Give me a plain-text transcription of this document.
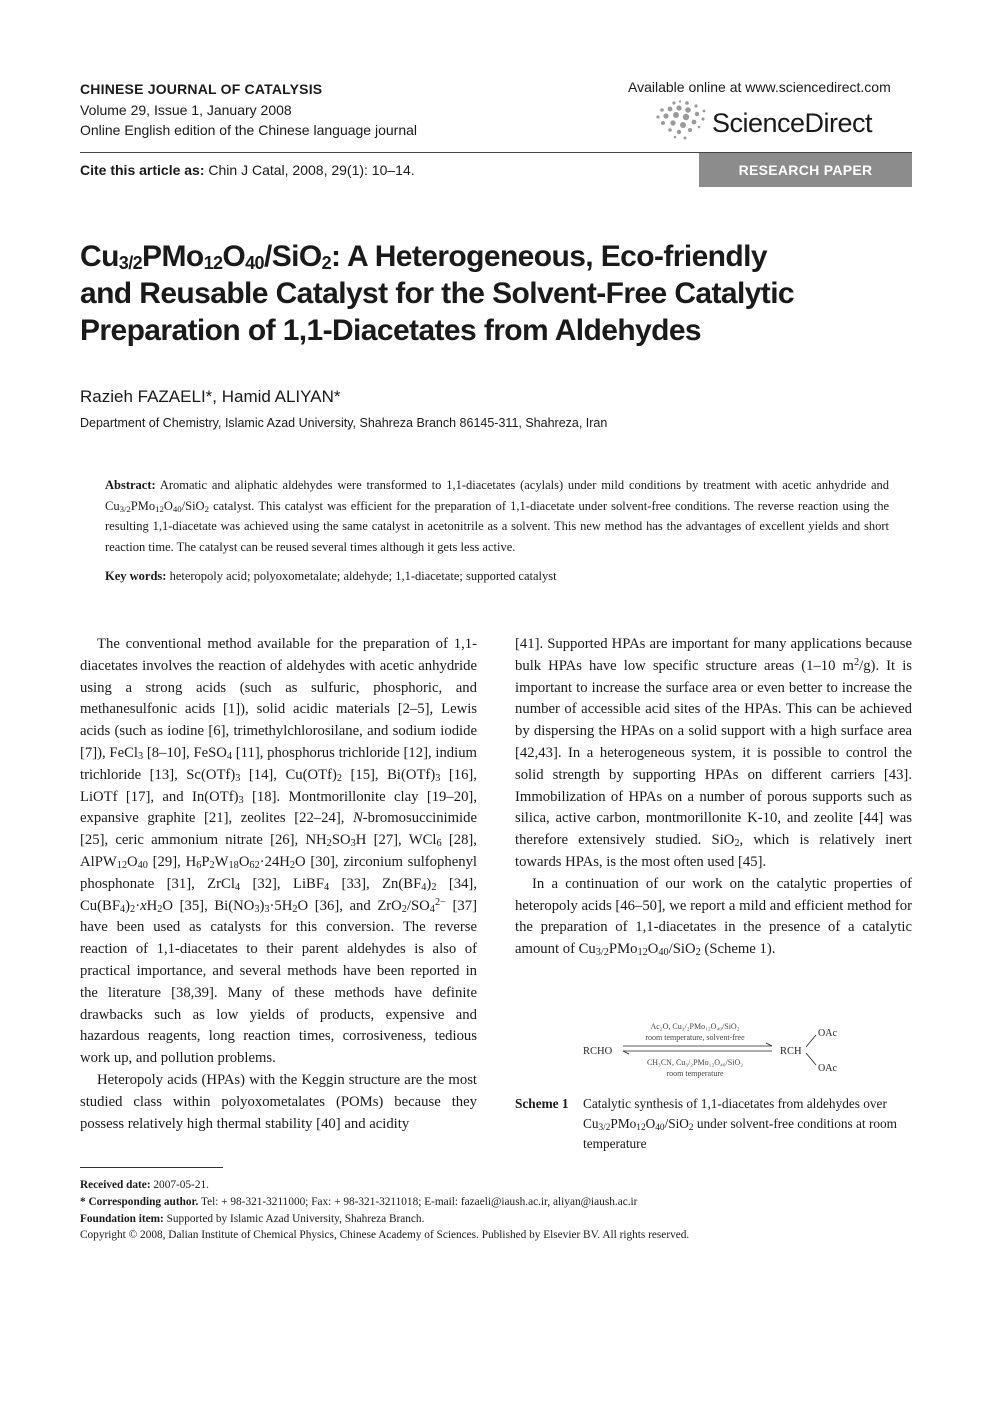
CHINESE JOURNAL OF CATALYSIS
Volume 29, Issue 1, January 2008
Online English edition of the Chinese language journal
Available online at www.sciencedirect.com
ScienceDirect
Cite this article as: Chin J Catal, 2008, 29(1): 10–14.	RESEARCH PAPER
$Cu_{3/2}PMo_{12}O_{40}/SiO_2$: A Heterogeneous, Eco-friendly
and Reusable Catalyst for the Solvent-Free Catalytic
Preparation of 1,1-Diacetates from Aldehydes
Razieh FAZAELI*, Hamid ALIYAN*
Department of Chemistry, Islamic Azad University, Shahreza Branch 86145-311, Shahreza, Iran
Abstract: Aromatic and aliphatic aldehydes were transformed to 1,1-diacetates (acylals) under mild conditions by treatment with acetic anhydride and $Cu_{3/2}PMo_{12}O_{40}/SiO_2$ catalyst. This catalyst was efficient for the preparation of 1,1-diacetate under solvent-free conditions. The reverse reaction using the resulting 1,1-diacetate was achieved using the same catalyst in acetonitrile as a solvent. This new method has the advantages of excellent yields and short reaction time. The catalyst can be reused several times although it gets less active.
Key words: heteropoly acid; polyoxometalate; aldehyde; 1,1-diacetate; supported catalyst

The conventional method available for the preparation of 1,1-diacetates involves the reaction of aldehydes with acetic anhydride using a strong acids (such as sulfuric, phosphoric, and methanesulfonic acids [1]), solid acidic materials [2–5], Lewis acids (such as iodine [6], trimethylchlorosilane, and sodium iodide [7]), FeCl$_3$ [8–10], FeSO$_4$ [11], phosphorus trichloride [12], indium trichloride [13], $Sc(OTf)_3$ [14], $Cu(OTf)_2$ [15], $Bi(OTf)_3$ [16], LiOTf [17], and $In(OTf)_3$ [18]. Montmorillonite clay [19–20], expansive graphite [21], zeolites [22–24], N-bromosuccinimide [25], ceric ammonium nitrate [26], $NH_2SO_3H$ [27], WCl$_6$ [28], $AlPW_{12}O_{40}$ [29], $H_6P_2W_{18}O_{62}\cdot 24H_2O$ [30], zirconium sulfophenyl phosphonate [31], ZrCl$_4$ [32], LiBF$_4$ [33], $Zn(BF_4)_2$ [34], $Cu(BF_4)_2\cdot xH_2O$ [35], $Bi(NO_3)_3\cdot 5H_2O$ [36], and $ZrO_2/SO_4^{2-}$ [37] have been used as catalysts for this conversion. The reverse reaction of 1,1-diacetates to their parent aldehydes is also of practical importance, and several methods have been reported in the literature [38,39]. Many of these methods have definite drawbacks such as low yields of products, expensive and hazardous reagents, long reaction times, corrosiveness, tedious work up, and pollution problems.

Heteropoly acids (HPAs) with the Keggin structure are the most studied class within polyoxometalates (POMs) because they possess relatively high thermal stability [40] and acidity

[41]. Supported HPAs are important for many applications because bulk HPAs have low specific structure areas (1–10 $m^2/g$). It is important to increase the surface area or even better to increase the number of accessible acid sites of the HPAs. This can be achieved by dispersing the HPAs on a solid support with a high surface area [42,43]. In a heterogeneous system, it is possible to control the solid strength by supporting HPAs on different carriers [43]. Immobilization of HPAs on a number of porous supports such as silica, active carbon, montmorillonite K-10, and zeolite [44] was therefore extensively studied. SiO$_2$, which is relatively inert towards HPAs, is the most often used [45].

In a continuation of our work on the catalytic properties of heteropoly acids [46–50], we report a mild and efficient method for the preparation of 1,1-diacetates in the presence of a catalytic amount of $Cu_{3/2}PMo_{12}O_{40}/SiO_2$ (Scheme 1).

RCHO
Ac₂O, Cu₃/₂PMo₁₂O₄₀/SiO₂
room temperature, solvent-free
CH₃CN, Cu₃/₂PMo₁₂O₄₀/SiO₂
room temperature
RCH
OAc
OAc
Scheme 1	Catalytic synthesis of 1,1-diacetates from aldehydes over $Cu_{3/2}PMo_{12}O_{40}/SiO_2$ under solvent-free conditions at room temperature
Received date: 2007-05-21.
* Corresponding author. Tel: + 98-321-3211000; Fax: + 98-321-3211018; E-mail: fazaeli@iaush.ac.ir, aliyan@iaush.ac.ir
Foundation item: Supported by Islamic Azad University, Shahreza Branch.
Copyright © 2008, Dalian Institute of Chemical Physics, Chinese Academy of Sciences. Published by Elsevier BV. All rights reserved.
